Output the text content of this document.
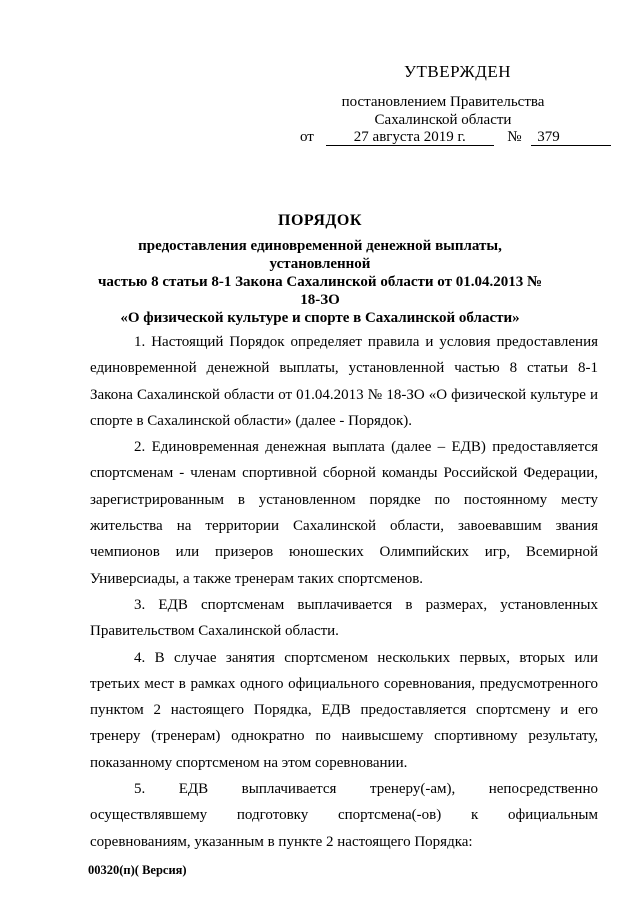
УТВЕРЖДЕН
постановлением Правительства
Сахалинской области
от	27 августа 2019 г.	№ 379
ПОРЯДОК
предоставления единовременной денежной выплаты, установленной
частью 8 статьи 8-1 Закона Сахалинской области от 01.04.2013 № 18-ЗО
«О физической культуре и спорте в Сахалинской области»

1. Настоящий Порядок определяет правила и условия предоставления единовременной денежной выплаты, установленной частью 8 статьи 8-1 Закона Сахалинской области от 01.04.2013 № 18-ЗО «О физической культуре и спорте в Сахалинской области» (далее - Порядок).

2. Единовременная денежная выплата (далее – ЕДВ) предоставляется спортсменам - членам спортивной сборной команды Российской Федерации, зарегистрированным в установленном порядке по постоянному месту жительства на территории Сахалинской области, завоевавшим звания чемпионов или призеров юношеских Олимпийских игр, Всемирной Универсиады, а также тренерам таких спортсменов.

3. ЕДВ спортсменам выплачивается в размерах, установленных Правительством Сахалинской области.

4. В случае занятия спортсменом нескольких первых, вторых или третьих мест в рамках одного официального соревнования, предусмотренного пунктом 2 настоящего Порядка, ЕДВ предоставляется спортсмену и его тренеру (тренерам) однократно по наивысшему спортивному результату, показанному спортсменом на этом соревновании.

5. ЕДВ выплачивается тренеру(-ам), непосредственно осуществлявшему подготовку спортсмена(-ов) к официальным соревнованиям, указанным в пункте 2 настоящего Порядка:

00320(п)( Версия)
